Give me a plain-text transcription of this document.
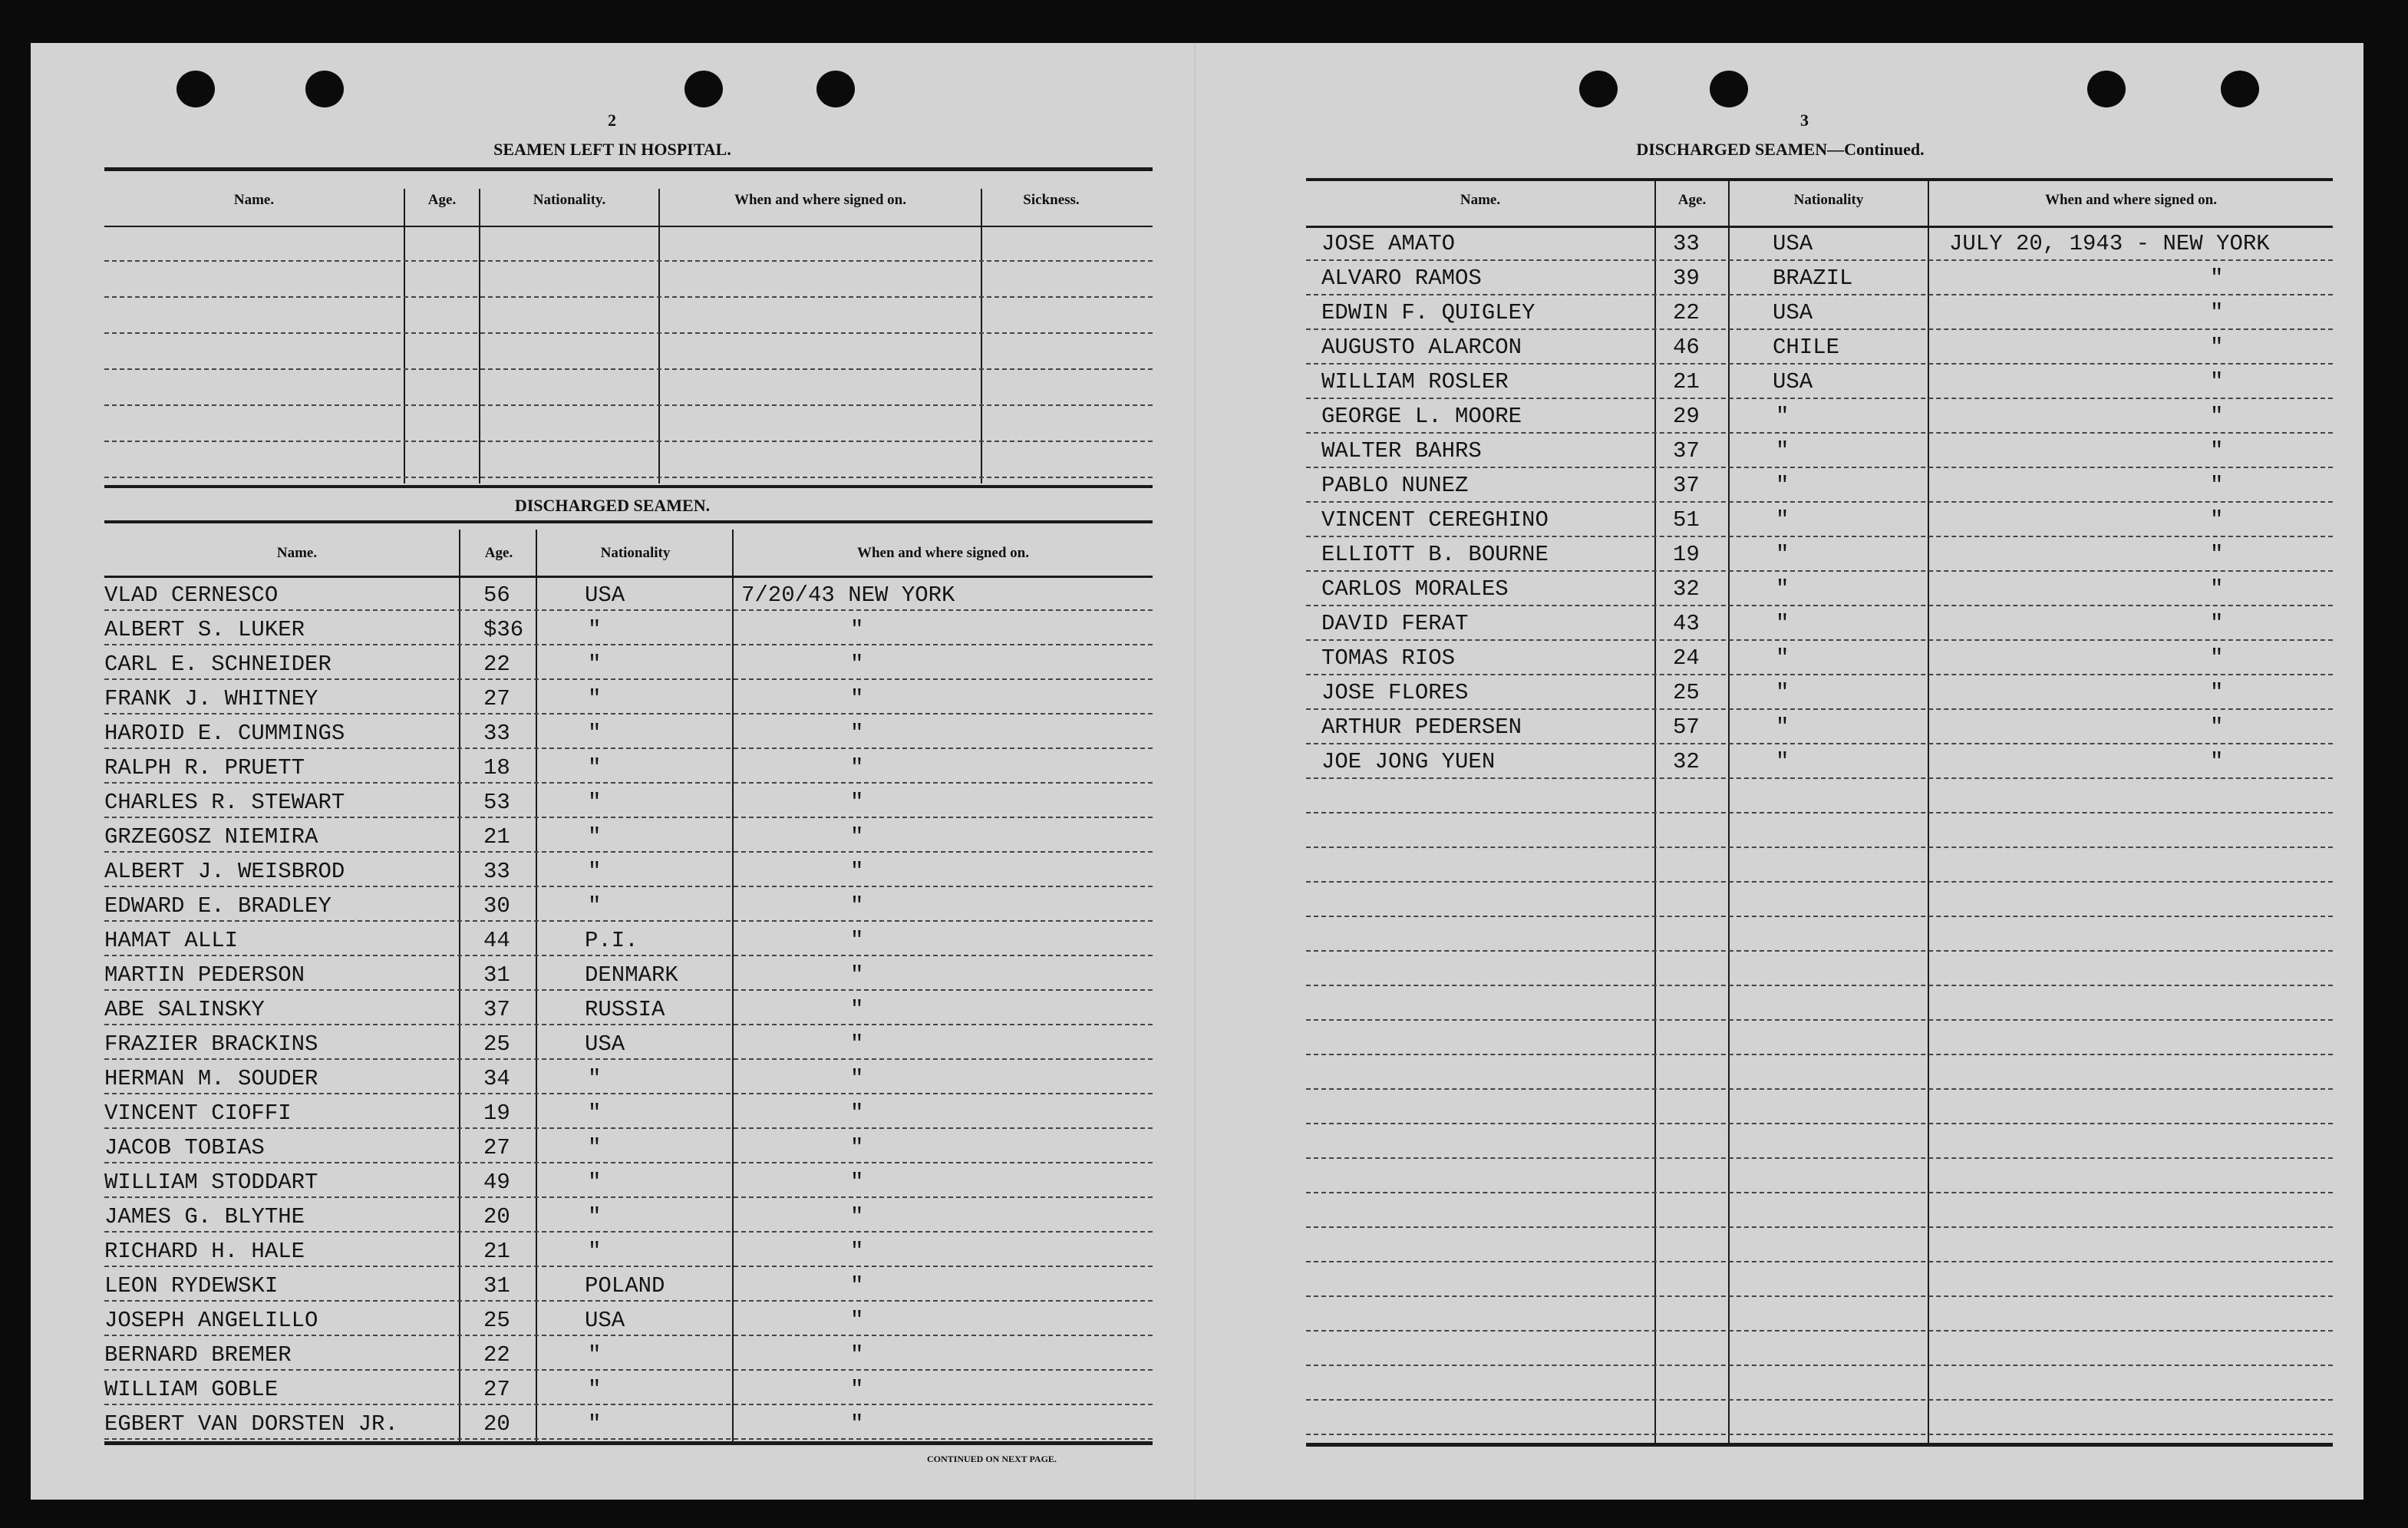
2
SEAMEN LEFT IN HOSPITAL.
Name.	Age.	Nationality.	When and where signed on.	Sickness.
DISCHARGED SEAMEN.
Name.	Age.	Nationality	When and where signed on.
VLAD CERNESCO	56	USA	7/20/43 NEW YORK
ALBERT S. LUKER	$36	"	"
CARL E. SCHNEIDER	22	"	"
FRANK J. WHITNEY	27	"	"
HAROID E. CUMMINGS	33	"	"
RALPH R. PRUETT	18	"	"
CHARLES R. STEWART	53	"	"
GRZEGOSZ NIEMIRA	21	"	"
ALBERT J. WEISBROD	33	"	"
EDWARD E. BRADLEY	30	"	"
HAMAT ALLI	44	P.I.	"
MARTIN PEDERSON	31	DENMARK	"
ABE SALINSKY	37	RUSSIA	"
FRAZIER BRACKINS	25	USA	"
HERMAN M. SOUDER	34	"	"
VINCENT CIOFFI	19	"	"
JACOB TOBIAS	27	"	"
WILLIAM STODDART	49	"	"
JAMES G. BLYTHE	20	"	"
RICHARD H. HALE	21	"	"
LEON RYDEWSKI	31	POLAND	"
JOSEPH ANGELILLO	25	USA	"
BERNARD BREMER	22	"	"
WILLIAM GOBLE	27	"	"
EGBERT VAN DORSTEN JR.	20	"	"
CONTINUED ON NEXT PAGE.
3
DISCHARGED SEAMEN—Continued.
Name.	Age.	Nationality	When and where signed on.
JOSE AMATO	33	USA	JULY 20, 1943 - NEW YORK
ALVARO RAMOS	39	BRAZIL	"
EDWIN F. QUIGLEY	22	USA	"
AUGUSTO ALARCON	46	CHILE	"
WILLIAM ROSLER	21	USA	"
GEORGE L. MOORE	29	"	"
WALTER BAHRS	37	"	"
PABLO NUNEZ	37	"	"
VINCENT CEREGHINO	51	"	"
ELLIOTT B. BOURNE	19	"	"
CARLOS MORALES	32	"	"
DAVID FERAT	43	"	"
TOMAS RIOS	24	"	"
JOSE FLORES	25	"	"
ARTHUR PEDERSEN	57	"	"
JOE JONG YUEN	32	"	"
